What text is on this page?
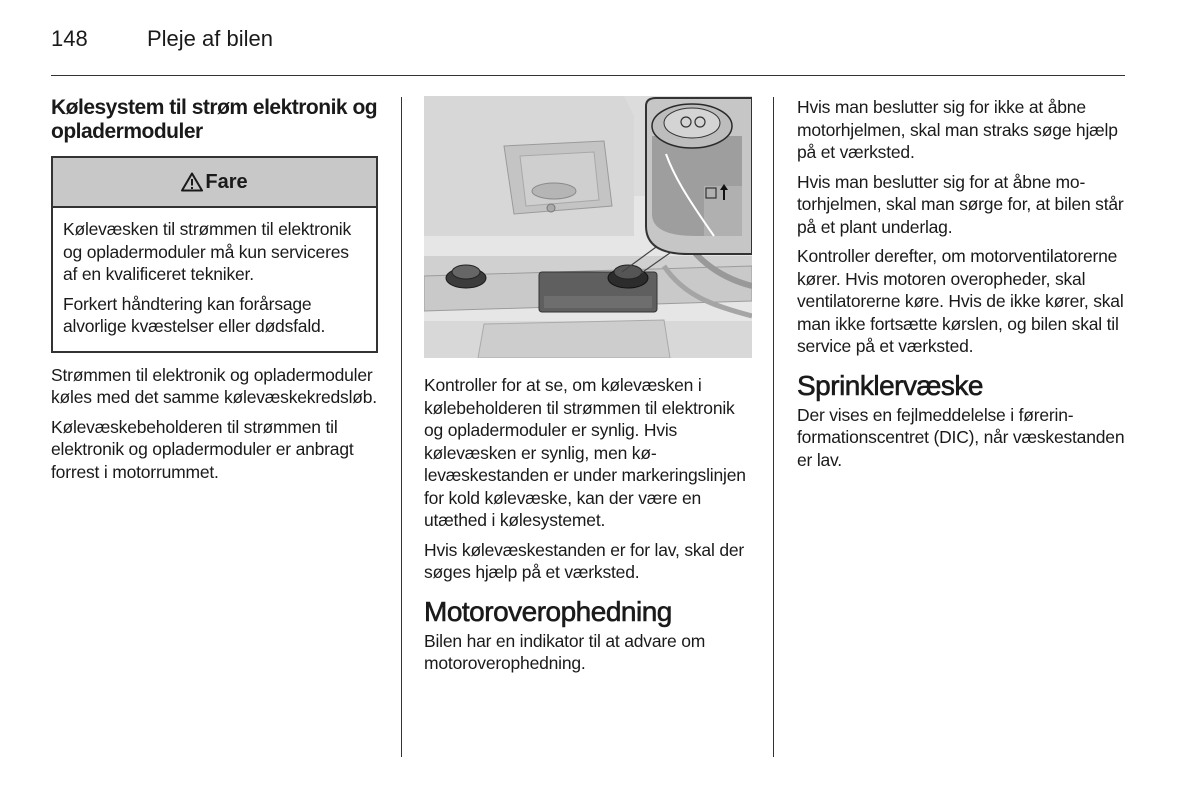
148	Pleje af bilen
Kølesystem til strøm elektronik og opladermoduler
Fare

Kølevæsken til strømmen til elektronik og opladermoduler må kun serviceres af en kvalificeret tekniker.

Forkert håndtering kan forårsage alvorlige kvæstelser eller dødsfald.

Strømmen til elektronik og opladermoduler køles med det samme kølevæskekredsløb.

Kølevæskebeholderen til strømmen til elektronik og opladermoduler er anbragt forrest i motorrummet.

Kontroller for at se, om kølevæsken i kølebeholderen til strømmen til elektronik og opladermoduler er synlig. Hvis kølevæsken er synlig, men kølevæskestanden er under markeringslinjen for kold kølevæske, kan der være en utæthed i kølesystemet.

Hvis kølevæskestanden er for lav, skal der søges hjælp på et værksted.

Motoroverophedning

Bilen har en indikator til at advare om motoroverophedning.

Hvis man beslutter sig for ikke at åbne motorhjelmen, skal man straks søge hjælp på et værksted.

Hvis man beslutter sig for at åbne motorhjelmen, skal man sørge for, at bilen står på et plant underlag.

Kontroller derefter, om motorventilatorerne kører. Hvis motoren overopheder, skal ventilatorerne køre. Hvis de ikke kører, skal man ikke fortsætte kørslen, og bilen skal til service på et værksted.

Sprinklervæske

Der vises en fejlmeddelelse i førerinformationscentret (DIC), når væskestanden er lav.
